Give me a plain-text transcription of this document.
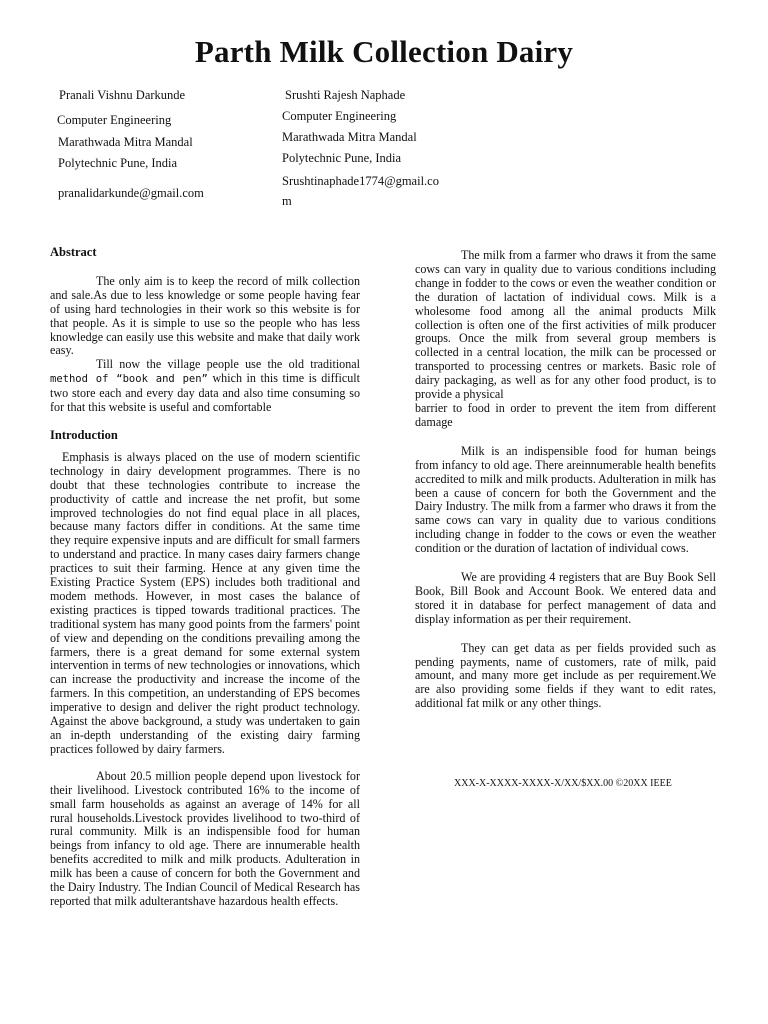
Parth Milk Collection Dairy
Pranali Vishnu Darkunde
Computer Engineering
Marathwada Mitra Mandal
Polytechnic Pune, India
pranalidarkunde@gmail.com
Srushti Rajesh Naphade
Computer Engineering
Marathwada Mitra Mandal
Polytechnic Pune, India
Srushtinaphade1774@gmail.co
m

Abstract

The only aim is to keep the record of milk collection and sale.As due to less knowledge or some people having fear of using hard technologies in their work so this website is for that people. As it is simple to use so the people who has less knowledge can easily use this website and make that daily work easy.

Till now the village people use the old traditional method of “book and pen” which in this time is difficult two store each and every day data and also time consuming so for that this website is useful and comfortable

Introduction

Emphasis is always placed on the use of modern scientific technology in dairy development programmes. There is no doubt that these technologies contribute to increase the productivity of cattle and increase the net profit, but some improved technologies do not find equal place in all places, because many factors differ in conditions. At the same time they require expensive inputs and are difficult for small farmers to understand and practice. In many cases dairy farmers change practices to suit their farming. Hence at any given time the Existing Practice System (EPS) includes both traditional and modem methods. However, in most cases the balance of existing practices is tipped towards traditional practices. The traditional system has many good points from the farmers' point of view and depending on the conditions prevailing among the farmers, there is a great demand for some external system intervention in terms of new technologies or innovations, which can increase the productivity and increase the income of the farmers. In this competition, an understanding of EPS becomes imperative to design and deliver the right product technology. Against the above background, a study was undertaken to gain an in-depth understanding of the existing dairy farming practices followed by dairy farmers.

About 20.5 million people depend upon livestock for their livelihood. Livestock contributed 16% to the income of small farm households as against an average of 14% for all rural households.Livestock provides livelihood to two-third of rural community. Milk is an indispensible food for human beings from infancy to old age. There are innumerable health benefits accredited to milk and milk products. Adulteration in milk has been a cause of concern for both the Government and the Dairy Industry. The Indian Council of Medical Research has reported that milk adulterantshave hazardous health effects.

The milk from a farmer who draws it from the same cows can vary in quality due to various conditions including change in fodder to the cows or even the weather condition or the duration of lactation of individual cows. Milk is a wholesome food among all the animal products Milk collection is often one of the first activities of milk producer groups. Once the milk from several group members is collected in a central location, the milk can be processed or transported to processing centres or markets. Basic role of dairy packaging, as well as for any other food product, is to provide a physical

barrier to food in order to prevent the item from different damage

Milk is an indispensible food for human beings from infancy to old age. There areinnumerable health benefits accredited to milk and milk products. Adulteration in milk has been a cause of concern for both the Government and the Dairy Industry. The milk from a farmer who draws it from the same cows can vary in quality due to various conditions including change in fodder to the cows or even the weather condition or the duration of lactation of individual cows.

We are providing 4 registers that are Buy Book Sell Book, Bill Book and Account Book. We entered data and stored it in database for perfect management of data and display information as per their requirement.

They can get data as per fields provided such as pending payments, name of customers, rate of milk, paid amount, and many more get include as per requirement.We are also providing some fields if they want to edit rates, additional fat milk or any other things.

XXX-X-XXXX-XXXX-X/XX/$XX.00 ©20XX IEEE
